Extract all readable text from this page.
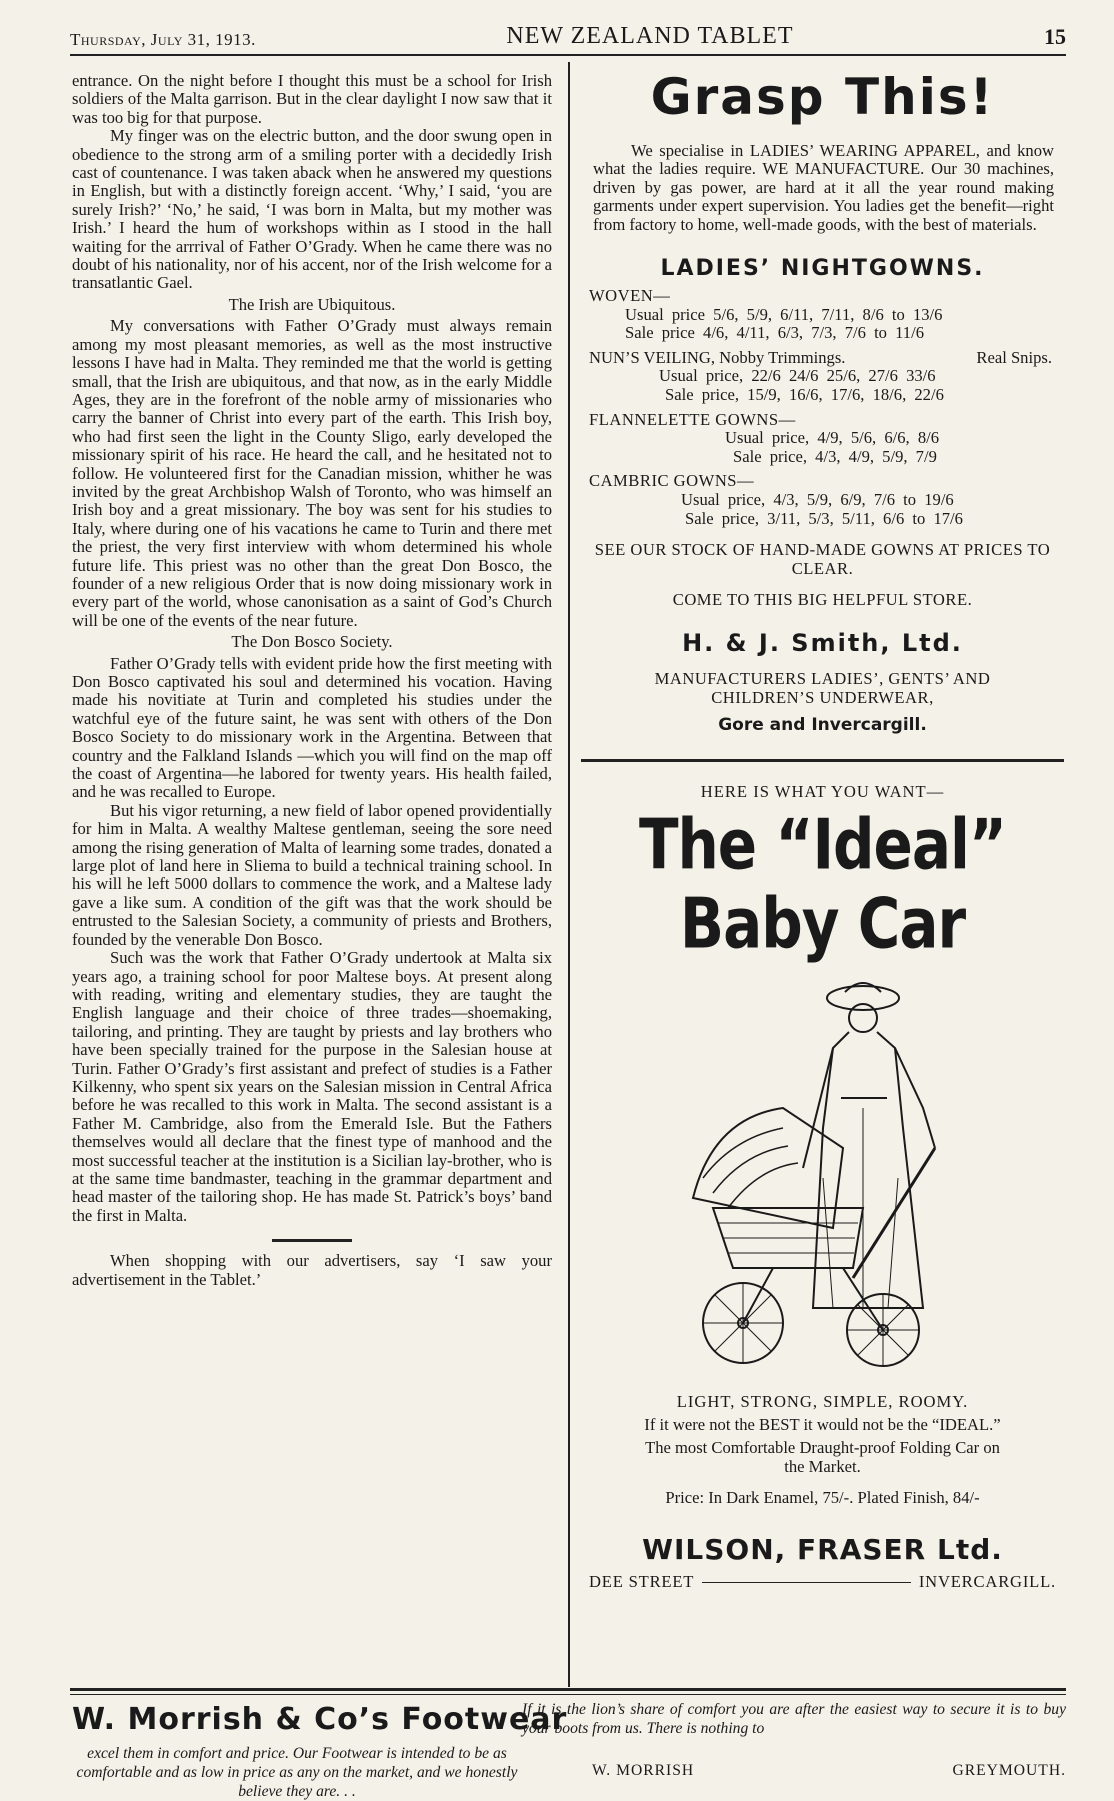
Thursday, July 31, 1913.	NEW ZEALAND TABLET	15

entrance. On the night before I thought this must be a school for Irish soldiers of the Malta garrison. But in the clear daylight I now saw that it was too big for that purpose.

My finger was on the electric button, and the door swung open in obedience to the strong arm of a smiling porter with a decidedly Irish cast of countenance. I was taken aback when he answered my questions in English, but with a distinctly foreign accent. ‘Why,’ I said, ‘you are surely Irish?’ ‘No,’ he said, ‘I was born in Malta, but my mother was Irish.’ I heard the hum of workshops within as I stood in the hall waiting for the arrrival of Father O’Grady. When he came there was no doubt of his nationality, nor of his accent, nor of the Irish welcome for a transatlantic Gael.

The Irish are Ubiquitous.

My conversations with Father O’Grady must always remain among my most pleasant memories, as well as the most instructive lessons I have had in Malta. They reminded me that the world is getting small, that the Irish are ubiquitous, and that now, as in the early Middle Ages, they are in the forefront of the noble army of missionaries who carry the banner of Christ into every part of the earth. This Irish boy, who had first seen the light in the County Sligo, early developed the missionary spirit of his race. He heard the call, and he hesitated not to follow. He volunteered first for the Canadian mission, whither he was invited by the great Archbishop Walsh of Toronto, who was himself an Irish boy and a great missionary. The boy was sent for his studies to Italy, where during one of his vacations he came to Turin and there met the priest, the very first interview with whom determined his whole future life. This priest was no other than the great Don Bosco, the founder of a new religious Order that is now doing missionary work in every part of the world, whose canonisation as a saint of God’s Church will be one of the events of the near future.

The Don Bosco Society.

Father O’Grady tells with evident pride how the first meeting with Don Bosco captivated his soul and determined his vocation. Having made his novitiate at Turin and completed his studies under the watchful eye of the future saint, he was sent with others of the Don Bosco Society to do missionary work in the Argentina. Between that country and the Falkland Islands —which you will find on the map off the coast of Argentina—he labored for twenty years. His health failed, and he was recalled to Europe.

But his vigor returning, a new field of labor opened providentially for him in Malta. A wealthy Maltese gentleman, seeing the sore need among the rising generation of Malta of learning some trades, donated a large plot of land here in Sliema to build a technical training school. In his will he left 5000 dollars to commence the work, and a Maltese lady gave a like sum. A condition of the gift was that the work should be entrusted to the Salesian Society, a community of priests and Brothers, founded by the venerable Don Bosco.

Such was the work that Father O’Grady undertook at Malta six years ago, a training school for poor Maltese boys. At present along with reading, writing and elementary studies, they are taught the English language and their choice of three trades—shoemaking, tailoring, and printing. They are taught by priests and lay brothers who have been specially trained for the purpose in the Salesian house at Turin. Father O’Grady’s first assistant and prefect of studies is a Father Kilkenny, who spent six years on the Salesian mission in Central Africa before he was recalled to this work in Malta. The second assistant is a Father M. Cambridge, also from the Emerald Isle. But the Fathers themselves would all declare that the finest type of manhood and the most successful teacher at the institution is a Sicilian lay-brother, who is at the same time bandmaster, teaching in the grammar department and head master of the tailoring shop. He has made St. Patrick’s boys’ band the first in Malta.

When shopping with our advertisers, say ‘I saw your advertisement in the Tablet.’

Grasp This!
We specialise in LADIES’ WEARING APPAREL, and know what the ladies require. WE MANUFACTURE. Our 30 machines, driven by gas power, are hard at it all the year round making garments under expert supervision. You ladies get the benefit—right from factory to home, well-made goods, with the best of materials.
LADIES’ NIGHTGOWNS.
WOVEN—
Usual price 5/6, 5/9, 6/11, 7/11, 8/6 to 13/6
Sale price 4/6, 4/11, 6/3, 7/3, 7/6 to 11/6
NUN’S VEILING, Nobby Trimmings.	Real Snips.
Usual price, 22/6 24/6 25/6, 27/6 33/6
Sale price, 15/9, 16/6, 17/6, 18/6, 22/6
FLANNELETTE GOWNS—
Usual price, 4/9, 5/6, 6/6, 8/6
Sale price, 4/3, 4/9, 5/9, 7/9
CAMBRIC GOWNS—
Usual price, 4/3, 5/9, 6/9, 7/6 to 19/6
Sale price, 3/11, 5/3, 5/11, 6/6 to 17/6
SEE OUR STOCK OF HAND-MADE GOWNS AT PRICES TO CLEAR.
COME TO THIS BIG HELPFUL STORE.
H. & J. Smith, Ltd.
MANUFACTURERS LADIES’, GENTS’ AND CHILDREN’S UNDERWEAR,
Gore and Invercargill.
HERE IS WHAT YOU WANT—
The “Ideal” Baby Car
LIGHT, STRONG, SIMPLE, ROOMY.
If it were not the BEST it would not be the “IDEAL.”
The most Comfortable Draught-proof Folding Car on the Market.
Price: In Dark Enamel, 75/-. Plated Finish, 84/-
WILSON, FRASER Ltd.
DEE STREET	INVERCARGILL.
W. Morrish & Co’s Footwear
If it is the lion’s share of comfort you are after the easiest way to secure it is to buy your boots from us. There is nothing to
excel them in comfort and price. Our Footwear is intended to be as comfortable and as low in price as any on the market, and we honestly believe they are. . .
W. MORRISH	GREYMOUTH.
